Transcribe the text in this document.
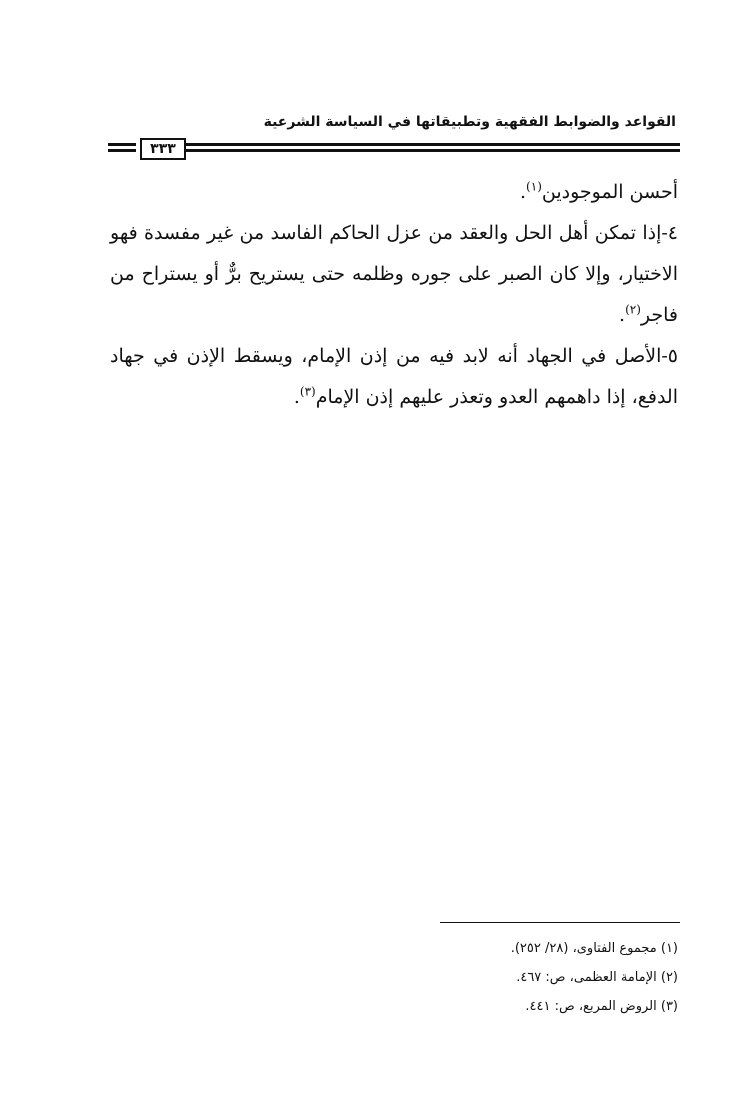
القواعد والضوابط الفقهية وتطبيقاتها في السياسة الشرعية
٣٣٣

أحسن الموجودين$^{(١)}$.

٤-إذا تمكن أهل الحل والعقد من عزل الحاكم الفاسد من غير مفسدة فهو الاختيار، وإلا كان الصبر على جوره وظلمه حتى يستريح برٌّ أو يستراح من فاجر$^{(٢)}$.

٥-الأصل في الجهاد أنه لابد فيه من إذن الإمام، ويسقط الإذن في جهاد الدفع، إذا داهمهم العدو وتعذر عليهم إذن الإمام$^{(٣)}$.

(١) مجموع الفتاوى، (٢٨/ ٢٥٢).
(٢) الإمامة العظمى، ص: ٤٦٧.
(٣) الروض المربع، ص: ٤٤١.
